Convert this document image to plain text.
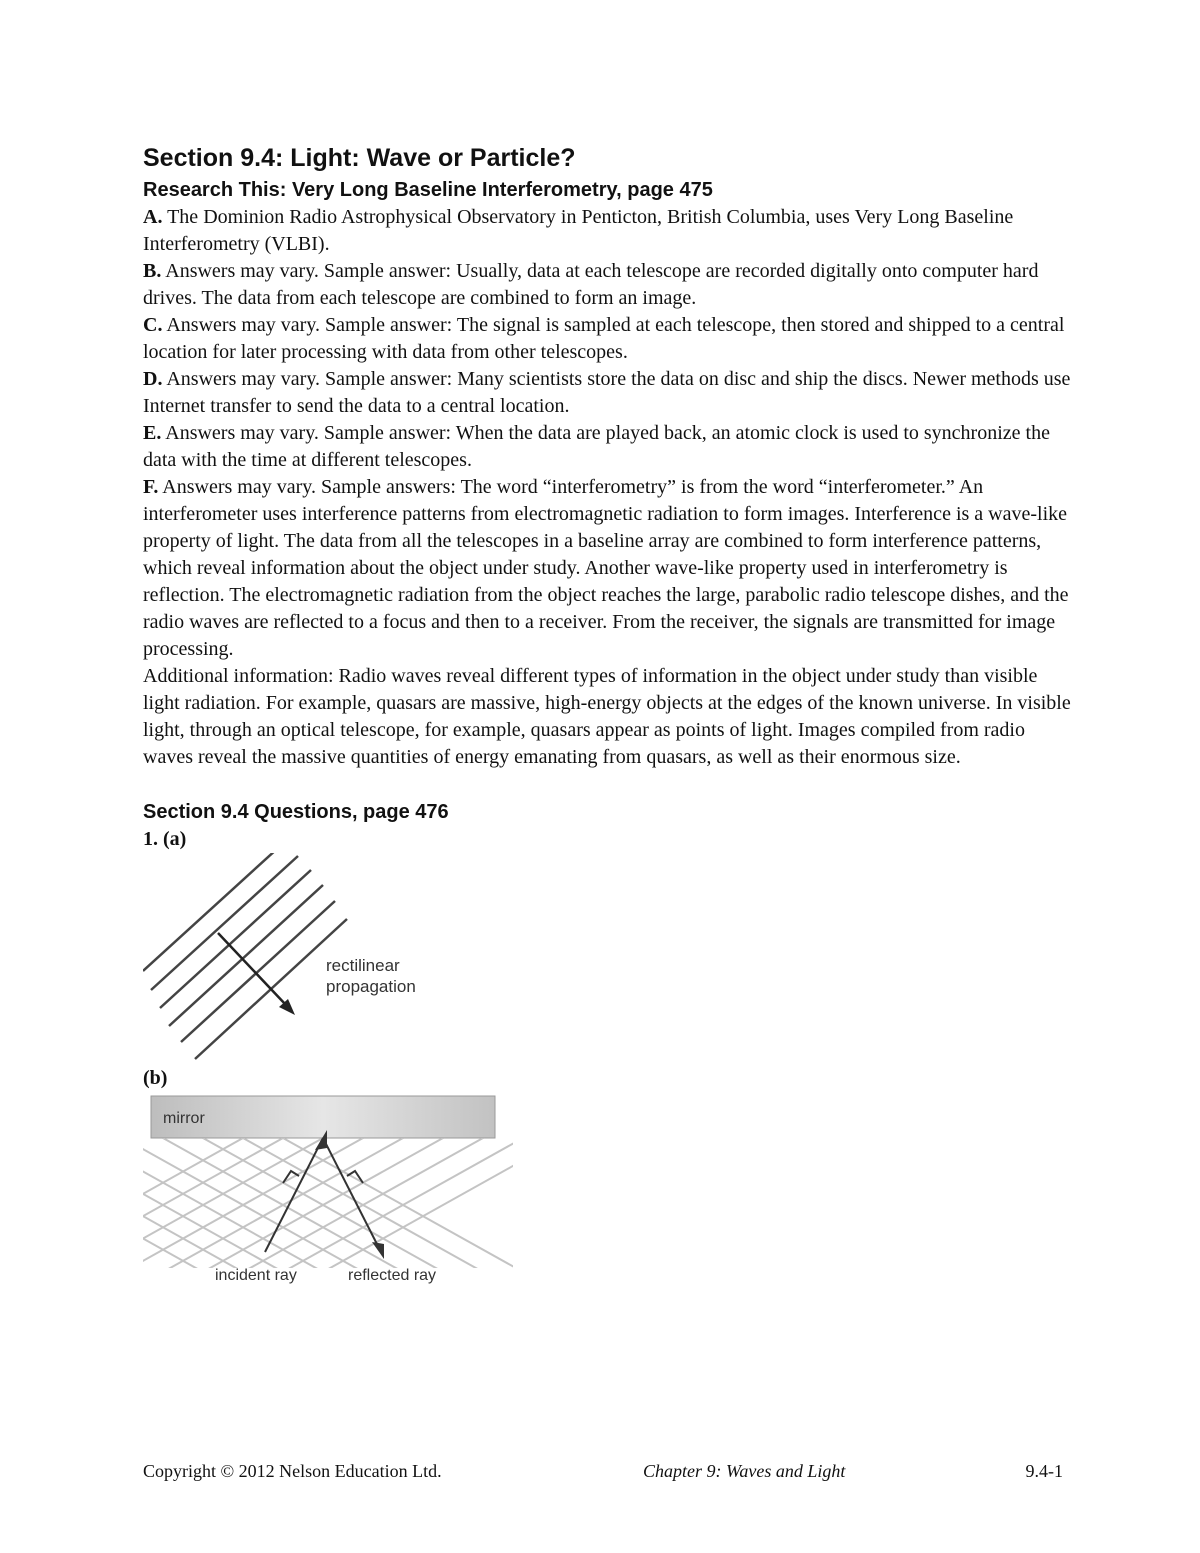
Section 9.4: Light: Wave or Particle?
Research This: Very Long Baseline Interferometry, page 475

A. The Dominion Radio Astrophysical Observatory in Penticton, British Columbia, uses Very Long Baseline Interferometry (VLBI).

B. Answers may vary. Sample answer: Usually, data at each telescope are recorded digitally onto computer hard drives. The data from each telescope are combined to form an image.

C. Answers may vary. Sample answer: The signal is sampled at each telescope, then stored and shipped to a central location for later processing with data from other telescopes.

D. Answers may vary. Sample answer: Many scientists store the data on disc and ship the discs. Newer methods use Internet transfer to send the data to a central location.

E. Answers may vary. Sample answer: When the data are played back, an atomic clock is used to synchronize the data with the time at different telescopes.

F. Answers may vary. Sample answers: The word “interferometry” is from the word “interferometer.” An interferometer uses interference patterns from electromagnetic radiation to form images. Interference is a wave-like property of light. The data from all the telescopes in a baseline array are combined to form interference patterns, which reveal information about the object under study. Another wave-like property used in interferometry is reflection. The electromagnetic radiation from the object reaches the large, parabolic radio telescope dishes, and the radio waves are reflected to a focus and then to a receiver. From the receiver, the signals are transmitted for image processing.

Additional information: Radio waves reveal different types of information in the object under study than visible light radiation. For example, quasars are massive, high-energy objects at the edges of the known universe. In visible light, through an optical telescope, for example, quasars appear as points of light. Images compiled from radio waves reveal the massive quantities of energy emanating from quasars, as well as their enormous size.

Section 9.4 Questions, page 476

1. (a)

rectilinear
propagation

(b)

mirror
incident ray	reflected ray
Copyright © 2012 Nelson Education Ltd.	Chapter 9: Waves and Light	9.4-1
